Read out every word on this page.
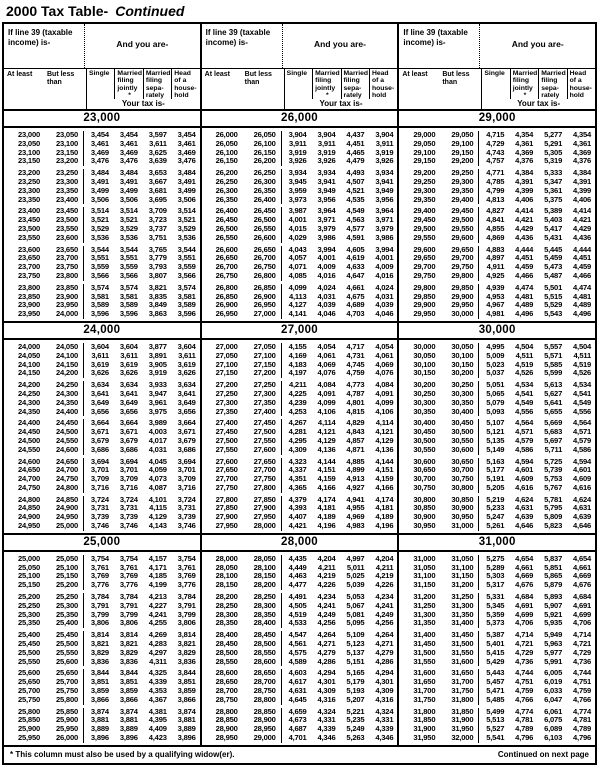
2000 Tax Table- Continued
If line 39 (taxable income) is-	And you are-
At least	But less than
Single	Married filing jointly
*
Married filing sepa- rately
Head of a house- hold
Your tax is-
23,000
23,000	23,050	3,454	3,454	3,597	3,454
23,050	23,100	3,461	3,461	3,611	3,461
23,100	23,150	3,469	3,469	3,625	3,469
23,150	23,200	3,476	3,476	3,639	3,476
23,200	23,250	3,484	3,484	3,653	3,484
23,250	23,300	3,491	3,491	3,667	3,491
23,300	23,350	3,499	3,499	3,681	3,499
23,350	23,400	3,506	3,506	3,695	3,506
23,400	23,450	3,514	3,514	3,709	3,514
23,450	23,500	3,521	3,521	3,723	3,521
23,500	23,550	3,529	3,529	3,737	3,529
23,550	23,600	3,536	3,536	3,751	3,536
23,600	23,650	3,544	3,544	3,765	3,544
23,650	23,700	3,551	3,551	3,779	3,551
23,700	23,750	3,559	3,559	3,793	3,559
23,750	23,800	3,566	3,566	3,807	3,566
23,800	23,850	3,574	3,574	3,821	3,574
23,850	23,900	3,581	3,581	3,835	3,581
23,900	23,950	3,589	3,589	3,849	3,589
23,950	24,000	3,596	3,596	3,863	3,596
24,000
24,000	24,050	3,604	3,604	3,877	3,604
24,050	24,100	3,611	3,611	3,891	3,611
24,100	24,150	3,619	3,619	3,905	3,619
24,150	24,200	3,626	3,626	3,919	3,626
24,200	24,250	3,634	3,634	3,933	3,634
24,250	24,300	3,641	3,641	3,947	3,641
24,300	24,350	3,649	3,649	3,961	3,649
24,350	24,400	3,656	3,656	3,975	3,656
24,400	24,450	3,664	3,664	3,989	3,664
24,450	24,500	3,671	3,671	4,003	3,671
24,500	24,550	3,679	3,679	4,017	3,679
24,550	24,600	3,686	3,686	4,031	3,686
24,600	24,650	3,694	3,694	4,045	3,694
24,650	24,700	3,701	3,701	4,059	3,701
24,700	24,750	3,709	3,709	4,073	3,709
24,750	24,800	3,716	3,716	4,087	3,716
24,800	24,850	3,724	3,724	4,101	3,724
24,850	24,900	3,731	3,731	4,115	3,731
24,900	24,950	3,739	3,739	4,129	3,739
24,950	25,000	3,746	3,746	4,143	3,746
25,000
25,000	25,050	3,754	3,754	4,157	3,754
25,050	25,100	3,761	3,761	4,171	3,761
25,100	25,150	3,769	3,769	4,185	3,769
25,150	25,200	3,776	3,776	4,199	3,776
25,200	25,250	3,784	3,784	4,213	3,784
25,250	25,300	3,791	3,791	4,227	3,791
25,300	25,350	3,799	3,799	4,241	3,799
25,350	25,400	3,806	3,806	4,255	3,806
25,400	25,450	3,814	3,814	4,269	3,814
25,450	25,500	3,821	3,821	4,283	3,821
25,500	25,550	3,829	3,829	4,297	3,829
25,550	25,600	3,836	3,836	4,311	3,836
25,600	25,650	3,844	3,844	4,325	3,844
25,650	25,700	3,851	3,851	4,339	3,851
25,700	25,750	3,859	3,859	4,353	3,859
25,750	25,800	3,866	3,866	4,367	3,866
25,800	25,850	3,874	3,874	4,381	3,874
25,850	25,900	3,881	3,881	4,395	3,881
25,900	25,950	3,889	3,889	4,409	3,889
25,950	26,000	3,896	3,896	4,423	3,896
If line 39 (taxable income) is-	And you are-
At least	But less than
Single	Married filing jointly
*
Married filing sepa- rately
Head of a house- hold
Your tax is-
26,000
26,000	26,050	3,904	3,904	4,437	3,904
26,050	26,100	3,911	3,911	4,451	3,911
26,100	26,150	3,919	3,919	4,465	3,919
26,150	26,200	3,926	3,926	4,479	3,926
26,200	26,250	3,934	3,934	4,493	3,934
26,250	26,300	3,945	3,941	4,507	3,941
26,300	26,350	3,959	3,949	4,521	3,949
26,350	26,400	3,973	3,956	4,535	3,956
26,400	26,450	3,987	3,964	4,549	3,964
26,450	26,500	4,001	3,971	4,563	3,971
26,500	26,550	4,015	3,979	4,577	3,979
26,550	26,600	4,029	3,986	4,591	3,986
26,600	26,650	4,043	3,994	4,605	3,994
26,650	26,700	4,057	4,001	4,619	4,001
26,700	26,750	4,071	4,009	4,633	4,009
26,750	26,800	4,085	4,016	4,647	4,016
26,800	26,850	4,099	4,024	4,661	4,024
26,850	26,900	4,113	4,031	4,675	4,031
26,900	26,950	4,127	4,039	4,689	4,039
26,950	27,000	4,141	4,046	4,703	4,046
27,000
27,000	27,050	4,155	4,054	4,717	4,054
27,050	27,100	4,169	4,061	4,731	4,061
27,100	27,150	4,183	4,069	4,745	4,069
27,150	27,200	4,197	4,076	4,759	4,076
27,200	27,250	4,211	4,084	4,773	4,084
27,250	27,300	4,225	4,091	4,787	4,091
27,300	27,350	4,239	4,099	4,801	4,099
27,350	27,400	4,253	4,106	4,815	4,106
27,400	27,450	4,267	4,114	4,829	4,114
27,450	27,500	4,281	4,121	4,843	4,121
27,500	27,550	4,295	4,129	4,857	4,129
27,550	27,600	4,309	4,136	4,871	4,136
27,600	27,650	4,323	4,144	4,885	4,144
27,650	27,700	4,337	4,151	4,899	4,151
27,700	27,750	4,351	4,159	4,913	4,159
27,750	27,800	4,365	4,166	4,927	4,166
27,800	27,850	4,379	4,174	4,941	4,174
27,850	27,900	4,393	4,181	4,955	4,181
27,900	27,950	4,407	4,189	4,969	4,189
27,950	28,000	4,421	4,196	4,983	4,196
28,000
28,000	28,050	4,435	4,204	4,997	4,204
28,050	28,100	4,449	4,211	5,011	4,211
28,100	28,150	4,463	4,219	5,025	4,219
28,150	28,200	4,477	4,226	5,039	4,226
28,200	28,250	4,491	4,234	5,053	4,234
28,250	28,300	4,505	4,241	5,067	4,241
28,300	28,350	4,519	4,249	5,081	4,249
28,350	28,400	4,533	4,256	5,095	4,256
28,400	28,450	4,547	4,264	5,109	4,264
28,450	28,500	4,561	4,271	5,123	4,271
28,500	28,550	4,575	4,279	5,137	4,279
28,550	28,600	4,589	4,286	5,151	4,286
28,600	28,650	4,603	4,294	5,165	4,294
28,650	28,700	4,617	4,301	5,179	4,301
28,700	28,750	4,631	4,309	5,193	4,309
28,750	28,800	4,645	4,316	5,207	4,316
28,800	28,850	4,659	4,324	5,221	4,324
28,850	28,900	4,673	4,331	5,235	4,331
28,900	28,950	4,687	4,339	5,249	4,339
28,950	29,000	4,701	4,346	5,263	4,346
If line 39 (taxable income) is-	And you are-
At least	But less than
Single	Married filing jointly
*
Married filing sepa- rately
Head of a house- hold
Your tax is-
29,000
29,000	29,050	4,715	4,354	5,277	4,354
29,050	29,100	4,729	4,361	5,291	4,361
29,100	29,150	4,743	4,369	5,305	4,369
29,150	29,200	4,757	4,376	5,319	4,376
29,200	29,250	4,771	4,384	5,333	4,384
29,250	29,300	4,785	4,391	5,347	4,391
29,300	29,350	4,799	4,399	5,361	4,399
29,350	29,400	4,813	4,406	5,375	4,406
29,400	29,450	4,827	4,414	5,389	4,414
29,450	29,500	4,841	4,421	5,403	4,421
29,500	29,550	4,855	4,429	5,417	4,429
29,550	29,600	4,869	4,436	5,431	4,436
29,600	29,650	4,883	4,444	5,445	4,444
29,650	29,700	4,897	4,451	5,459	4,451
29,700	29,750	4,911	4,459	5,473	4,459
29,750	29,800	4,925	4,466	5,487	4,466
29,800	29,850	4,939	4,474	5,501	4,474
29,850	29,900	4,953	4,481	5,515	4,481
29,900	29,950	4,967	4,489	5,529	4,489
29,950	30,000	4,981	4,496	5,543	4,496
30,000
30,000	30,050	4,995	4,504	5,557	4,504
30,050	30,100	5,009	4,511	5,571	4,511
30,100	30,150	5,023	4,519	5,585	4,519
30,150	30,200	5,037	4,526	5,599	4,526
30,200	30,250	5,051	4,534	5,613	4,534
30,250	30,300	5,065	4,541	5,627	4,541
30,300	30,350	5,079	4,549	5,641	4,549
30,350	30,400	5,093	4,556	5,655	4,556
30,400	30,450	5,107	4,564	5,669	4,564
30,450	30,500	5,121	4,571	5,683	4,571
30,500	30,550	5,135	4,579	5,697	4,579
30,550	30,600	5,149	4,586	5,711	4,586
30,600	30,650	5,163	4,594	5,725	4,594
30,650	30,700	5,177	4,601	5,739	4,601
30,700	30,750	5,191	4,609	5,753	4,609
30,750	30,800	5,205	4,616	5,767	4,616
30,800	30,850	5,219	4,624	5,781	4,624
30,850	30,900	5,233	4,631	5,795	4,631
30,900	30,950	5,247	4,639	5,809	4,639
30,950	31,000	5,261	4,646	5,823	4,646
31,000
31,000	31,050	5,275	4,654	5,837	4,654
31,050	31,100	5,289	4,661	5,851	4,661
31,100	31,150	5,303	4,669	5,865	4,669
31,150	31,200	5,317	4,676	5,879	4,676
31,200	31,250	5,331	4,684	5,893	4,684
31,250	31,300	5,345	4,691	5,907	4,691
31,300	31,350	5,359	4,699	5,921	4,699
31,350	31,400	5,373	4,706	5,935	4,706
31,400	31,450	5,387	4,714	5,949	4,714
31,450	31,500	5,401	4,721	5,963	4,721
31,500	31,550	5,415	4,729	5,977	4,729
31,550	31,600	5,429	4,736	5,991	4,736
31,600	31,650	5,443	4,744	6,005	4,744
31,650	31,700	5,457	4,751	6,019	4,751
31,700	31,750	5,471	4,759	6,033	4,759
31,750	31,800	5,485	4,766	6,047	4,766
31,800	31,850	5,499	4,774	6,061	4,774
31,850	31,900	5,513	4,781	6,075	4,781
31,900	31,950	5,527	4,789	6,089	4,789
31,950	32,000	5,541	4,796	6,103	4,796
* This column must also be used by a qualifying widow(er).	Continued on next page
